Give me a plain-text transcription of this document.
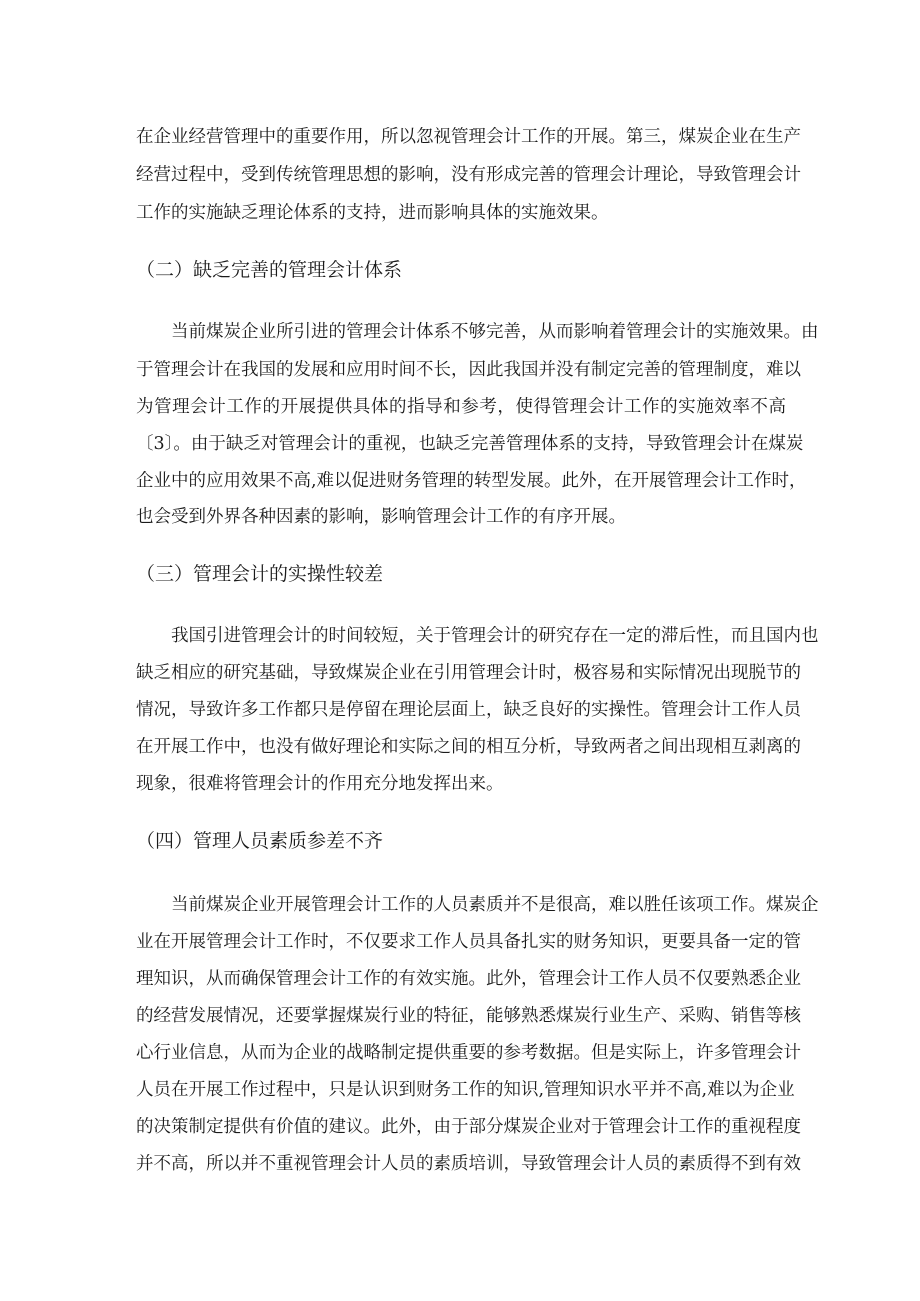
在企业经营管理中的重要作用，所以忽视管理会计工作的开展。第三，煤炭企业在生产
经营过程中，受到传统管理思想的影响，没有形成完善的管理会计理论，导致管理会计
工作的实施缺乏理论体系的支持，进而影响具体的实施效果。
（二）缺乏完善的管理会计体系
当前煤炭企业所引进的管理会计体系不够完善，从而影响着管理会计的实施效果。由
于管理会计在我国的发展和应用时间不长，因此我国并没有制定完善的管理制度，难以
为管理会计工作的开展提供具体的指导和参考，使得管理会计工作的实施效率不高
〔3〕。由于缺乏对管理会计的重视，也缺乏完善管理体系的支持，导致管理会计在煤炭
企业中的应用效果不高,难以促进财务管理的转型发展。此外，在开展管理会计工作时，
也会受到外界各种因素的影响，影响管理会计工作的有序开展。
（三）管理会计的实操性较差
我国引进管理会计的时间较短，关于管理会计的研究存在一定的滞后性，而且国内也
缺乏相应的研究基础，导致煤炭企业在引用管理会计时，极容易和实际情况出现脱节的
情况，导致许多工作都只是停留在理论层面上，缺乏良好的实操性。管理会计工作人员
在开展工作中，也没有做好理论和实际之间的相互分析，导致两者之间出现相互剥离的
现象，很难将管理会计的作用充分地发挥出来。
（四）管理人员素质参差不齐
当前煤炭企业开展管理会计工作的人员素质并不是很高，难以胜任该项工作。煤炭企
业在开展管理会计工作时，不仅要求工作人员具备扎实的财务知识，更要具备一定的管
理知识，从而确保管理会计工作的有效实施。此外，管理会计工作人员不仅要熟悉企业
的经营发展情况，还要掌握煤炭行业的特征，能够熟悉煤炭行业生产、采购、销售等核
心行业信息，从而为企业的战略制定提供重要的参考数据。但是实际上，许多管理会计
人员在开展工作过程中，只是认识到财务工作的知识,管理知识水平并不高,难以为企业
的决策制定提供有价值的建议。此外，由于部分煤炭企业对于管理会计工作的重视程度
并不高，所以并不重视管理会计人员的素质培训，导致管理会计人员的素质得不到有效
